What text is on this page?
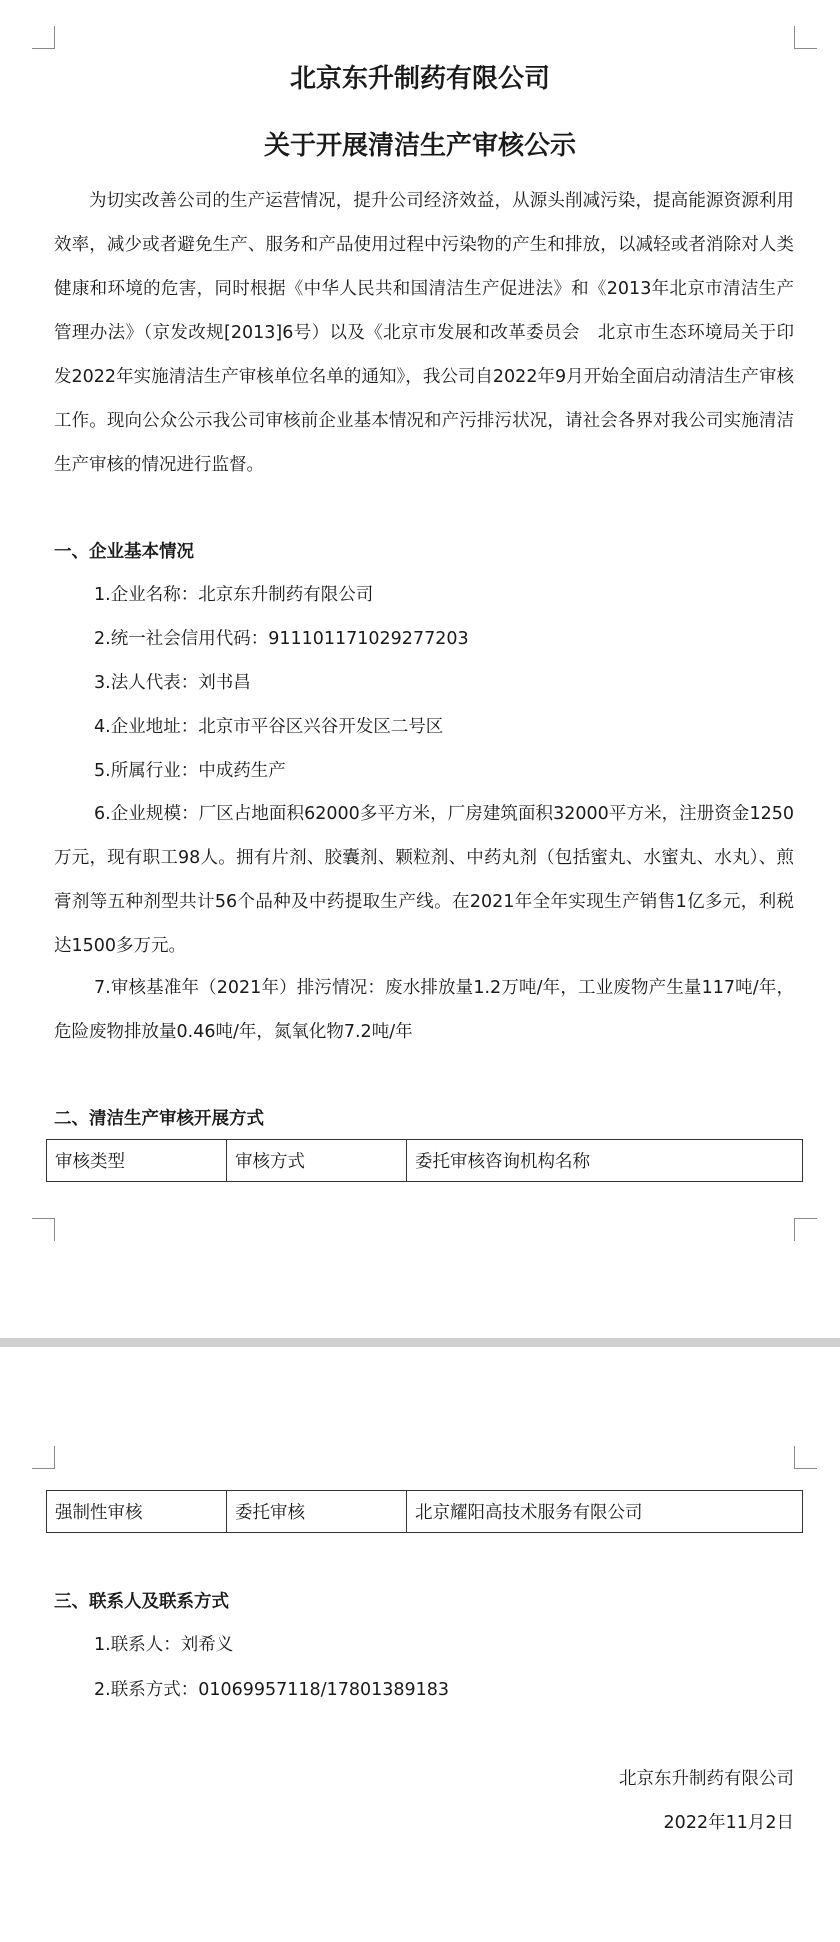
北京东升制药有限公司
关于开展清洁生产审核公示
为切实改善公司的生产运营情况，提升公司经济效益，从源头削减污染，提高能源资源利用效率，减少或者避免生产、服务和产品使用过程中污染物的产生和排放，以减轻或者消除对人类健康和环境的危害，同时根据《中华人民共和国清洁生产促进法》和《2013年北京市清洁生产管理办法》（京发改规[2013]6号）以及《北京市发展和改革委员会　北京市生态环境局关于印发2022年实施清洁生产审核单位名单的通知》，我公司自2022年9月开始全面启动清洁生产审核工作。现向公众公示我公司审核前企业基本情况和产污排污状况，请社会各界对我公司实施清洁生产审核的情况进行监督。
一、企业基本情况
1.企业名称：北京东升制药有限公司
2.统一社会信用代码：911101171029277203
3.法人代表：刘书昌
4.企业地址：北京市平谷区兴谷开发区二号区
5.所属行业：中成药生产
6.企业规模：厂区占地面积62000多平方米，厂房建筑面积32000平方米，注册资金1250万元，现有职工98人。拥有片剂、胶囊剂、颗粒剂、中药丸剂（包括蜜丸、水蜜丸、水丸）、煎膏剂等五种剂型共计56个品种及中药提取生产线。在2021年全年实现生产销售1亿多元，利税达1500多万元。
7.审核基准年（2021年）排污情况：废水排放量1.2万吨/年，工业废物产生量117吨/年，危险废物排放量0.46吨/年，氮氧化物7.2吨/年
二、清洁生产审核开展方式
审核类型	审核方式	委托审核咨询机构名称
强制性审核	委托审核	北京耀阳高技术服务有限公司
三、联系人及联系方式
1.联系人：刘希义
2.联系方式：01069957118/17801389183
北京东升制药有限公司
2022年11月2日
